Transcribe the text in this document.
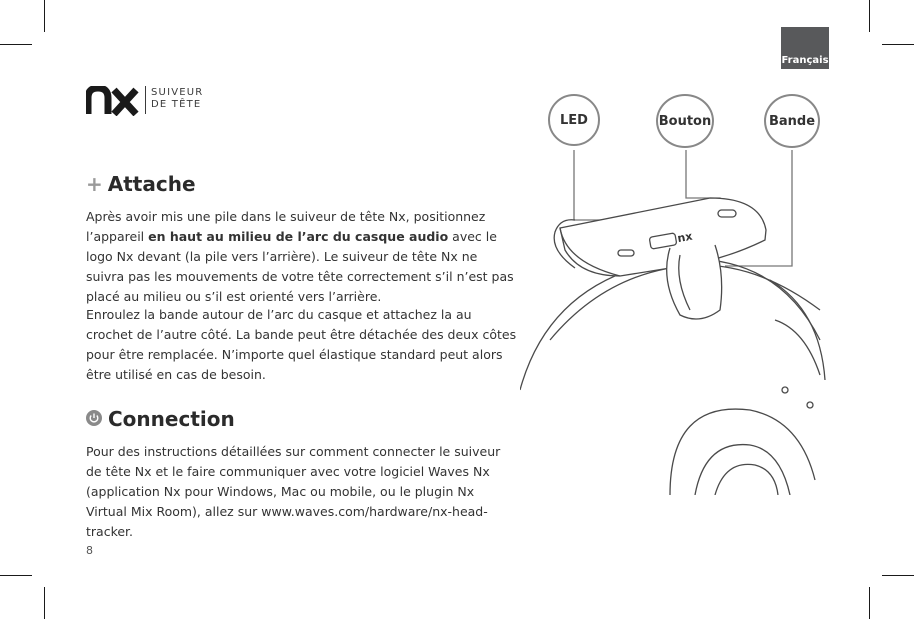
Français
SUIVEUR
DE TÊTE
+ Attache

Après avoir mis une pile dans le suiveur de tête Nx, positionnez l’appareil en haut au milieu de l’arc du casque audio avec le logo Nx devant (la pile vers l’arrière). Le suiveur de tête Nx ne suivra pas les mouvements de votre tête correctement s’il n’est pas placé au milieu ou s’il est orienté vers l’arrière.

Enroulez la bande autour de l’arc du casque et attachez la au crochet de l’autre côté. La bande peut être détachée des deux côtes pour être remplacée. N’importe quel élastique standard peut alors être utilisé en cas de besoin.

Connection

Pour des instructions détaillées sur comment connecter le suiveur de tête Nx et le faire communiquer avec votre logiciel Waves Nx (application Nx pour Windows, Mac ou mobile, ou le plugin Nx Virtual Mix Room), allez sur www.waves.com/hardware/nx-head-tracker.

8
LED	Bouton	Bande
nx
